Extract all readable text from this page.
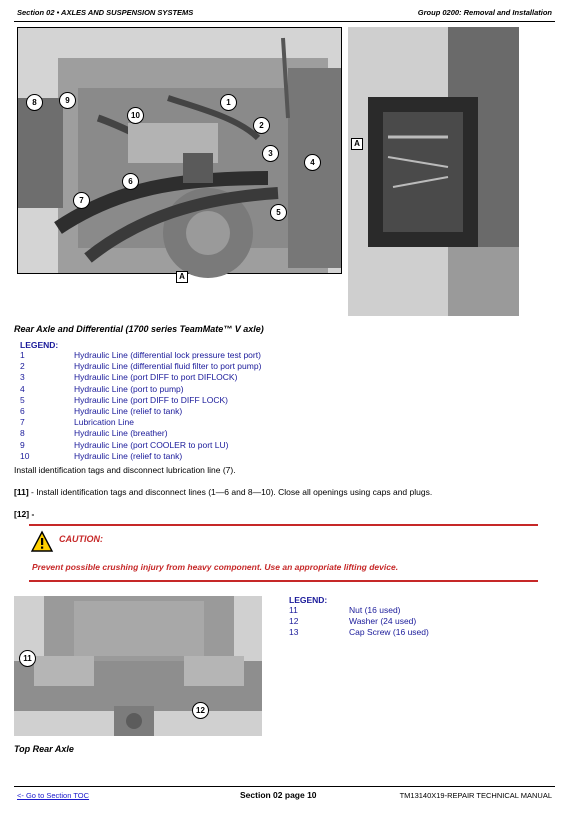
Section 02 • AXLES AND SUSPENSION SYSTEMS	Group 0200: Removal and Installation
8	9
10
1
2
3
4
6
7
5
A
A
Rear Axle and Differential (1700 series TeamMate™ V axle)
LEGEND:
1	Hydraulic Line (differential lock pressure test port)
2	Hydraulic Line (differential fluid filter to port pump)
3	Hydraulic Line (port DIFF to port DIFLOCK)
4	Hydraulic Line (port to pump)
5	Hydraulic Line (port DIFF to DIFF LOCK)
6	Hydraulic Line (relief to tank)
7	Lubrication Line
8	Hydraulic Line (breather)
9	Hydraulic Line (port COOLER to port LU)
10	Hydraulic Line (relief to tank)
Install identification tags and disconnect lubrication line (7).
[11] - Install identification tags and disconnect lines (1—6 and 8—10). Close all openings using caps and plugs.
[12] -
CAUTION:
Prevent possible crushing injury from heavy component. Use an appropriate lifting device.
11
12
LEGEND:
11	Nut (16 used)
12	Washer (24 used)
13	Cap Screw (16 used)
Top Rear Axle
<- Go to Section TOC	Section 02 page 10	TM13140X19-REPAIR TECHNICAL MANUAL
